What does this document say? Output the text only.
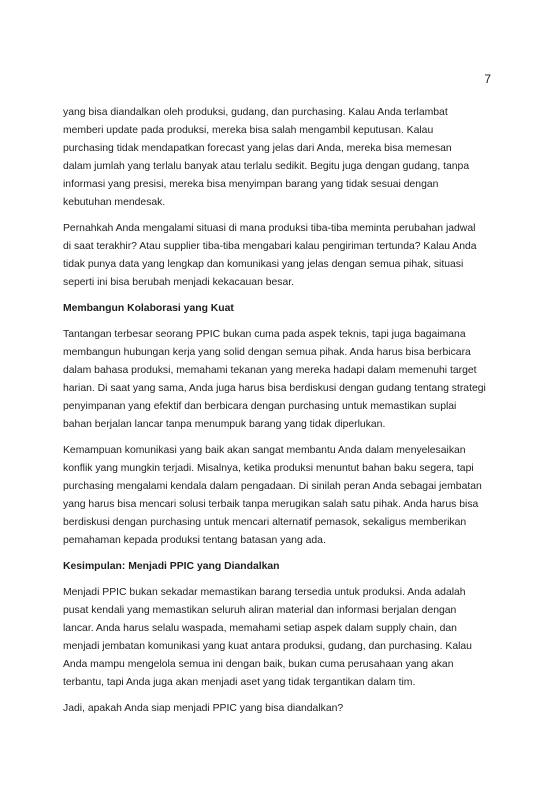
7
yang bisa diandalkan oleh produksi, gudang, dan purchasing. Kalau Anda terlambat
memberi update pada produksi, mereka bisa salah mengambil keputusan. Kalau
purchasing tidak mendapatkan forecast yang jelas dari Anda, mereka bisa memesan
dalam jumlah yang terlalu banyak atau terlalu sedikit. Begitu juga dengan gudang, tanpa
informasi yang presisi, mereka bisa menyimpan barang yang tidak sesuai dengan
kebutuhan mendesak.
Pernahkah Anda mengalami situasi di mana produksi tiba-tiba meminta perubahan jadwal
di saat terakhir? Atau supplier tiba-tiba mengabari kalau pengiriman tertunda? Kalau Anda
tidak punya data yang lengkap dan komunikasi yang jelas dengan semua pihak, situasi
seperti ini bisa berubah menjadi kekacauan besar.
Membangun Kolaborasi yang Kuat
Tantangan terbesar seorang PPIC bukan cuma pada aspek teknis, tapi juga bagaimana
membangun hubungan kerja yang solid dengan semua pihak. Anda harus bisa berbicara
dalam bahasa produksi, memahami tekanan yang mereka hadapi dalam memenuhi target
harian. Di saat yang sama, Anda juga harus bisa berdiskusi dengan gudang tentang strategi
penyimpanan yang efektif dan berbicara dengan purchasing untuk memastikan suplai
bahan berjalan lancar tanpa menumpuk barang yang tidak diperlukan.
Kemampuan komunikasi yang baik akan sangat membantu Anda dalam menyelesaikan
konflik yang mungkin terjadi. Misalnya, ketika produksi menuntut bahan baku segera, tapi
purchasing mengalami kendala dalam pengadaan. Di sinilah peran Anda sebagai jembatan
yang harus bisa mencari solusi terbaik tanpa merugikan salah satu pihak. Anda harus bisa
berdiskusi dengan purchasing untuk mencari alternatif pemasok, sekaligus memberikan
pemahaman kepada produksi tentang batasan yang ada.
Kesimpulan: Menjadi PPIC yang Diandalkan
Menjadi PPIC bukan sekadar memastikan barang tersedia untuk produksi. Anda adalah
pusat kendali yang memastikan seluruh aliran material dan informasi berjalan dengan
lancar. Anda harus selalu waspada, memahami setiap aspek dalam supply chain, dan
menjadi jembatan komunikasi yang kuat antara produksi, gudang, dan purchasing. Kalau
Anda mampu mengelola semua ini dengan baik, bukan cuma perusahaan yang akan
terbantu, tapi Anda juga akan menjadi aset yang tidak tergantikan dalam tim.
Jadi, apakah Anda siap menjadi PPIC yang bisa diandalkan?
